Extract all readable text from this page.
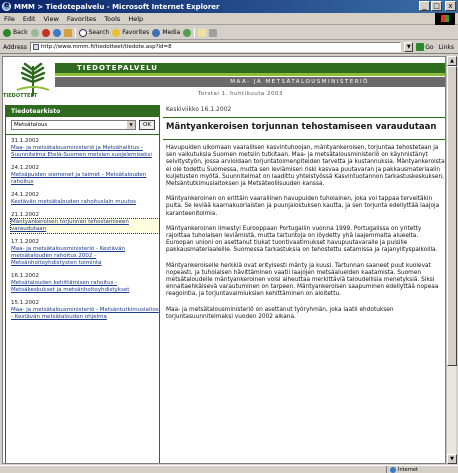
e
MMM > Tiedotepalvelu - Microsoft Internet Explorer	_ □	x
File Edit View Favorites Tools Help
Back	Search Favorites Media
Address	http://www.mmm.fi/tiedotteet/tiedote.asp?id=8	▼	Go Links
TIEDOTTEET
TIEDOTEPALVELU
MAA- JA METSÄTALOUSMINISTERIÖ
Torstai 1. huhtikuuta 2003
Tiedotearkisto
Metsätalous	▼	OK
31.1.2002
Maa- ja metsätalousministeriö ja Metsähallitus - Suunnitelma Etelä-Suomen metsien suojelemiseksi
24.1.2002
Metsäpuiden siemenet ja taimet - Metsätalouden rahoitus
24.1.2002
Kestävän metsätalouden rahoituslain muutos
21.1.2002
Mäntyankeroisen torjunnan tehostamiseen varaudutaan
17.1.2002
Maa- ja metsätalousministeriö - Kestävän metsätalouden rahoitus 2002 - Metsänhoitoyhdistysten toiminta
16.1.2002
Metsätalouden kehittämisen rahoitus - Metsäkeskukset ja metsänhoitoyhdistykset
15.1.2002
Maa- ja metsätalousministeriö - Metsäntutkimuslaitos - Kestävän metsätalouden ohjelma
Keskiviikko 16.1.2002
Mäntyankeroisen torjunnan tehostamiseen varaudutaan

Havupuiden ulkomaan vaarallisen kasvintuhoojan, mäntyankeroisen, torjuntaa tehostetaan ja sen vaikutuksia Suomen metsiin tutkitaan. Maa- ja metsätalousministeriö on käynnistänyt selvitystyön, jossa arvioidaan torjuntatoimenpiteiden tarvetta ja kustannuksia. Mäntyankeroista ei ole todettu Suomessa, mutta sen leviämisen riski kasvaa puutavaran ja pakkausmateriaalin kuljetusten myötä. Suunnitelmat on laadittu yhteistyössä Kasvintuotannon tarkastuskeskuksen, Metsäntutkimuslaitoksen ja Metsäteollisuuden kanssa.

Mäntyankeroinen on erittäin vaarallinen havupuiden tuholainen, joka voi tappaa terveitäkin puita. Se leviää kaarnakuoriaisten ja puunjalostuksen kautta, ja sen torjunta edellyttää laajoja karanteenitoimia.

Mäntyankeroinen ilmestyi Eurooppaan Portugaliin vuonna 1999. Portugalissa on yritetty rajoittaa tuholaisen leviämistä, mutta tartuntoja on löydetty yhä laajemmalta alueelta. Euroopan unioni on asettanut tiukat tuontivaatimukset havupuutavaralle ja puisille pakkausmateriaaleille. Suomessa tarkastuksia on tehostettu satamissa ja rajanylityspaikoilla.

Mäntyankeroiselle herkkiä ovat erityisesti mänty ja kuusi. Tartunnan saaneet puut kuolevat nopeasti, ja tuholaisen hävittäminen vaatii laajojen metsäalueiden kaatamista. Suomen metsätaloudelle mäntyankeroinen voisi aiheuttaa merkittäviä taloudellisia menetyksiä. Siksi ennaltaehkäisevä varautuminen on tarpeen. Mäntyankeroisen saapuminen edellyttää nopeaa reagointia, ja torjuntavalmiuksien kehittäminen on aloitettu.

Maa- ja metsätalousministeriö on asettanut työryhmän, joka laatii ehdotuksen torjuntasuunnitelmaksi vuoden 2002 aikana.

▲
▼
Internet
